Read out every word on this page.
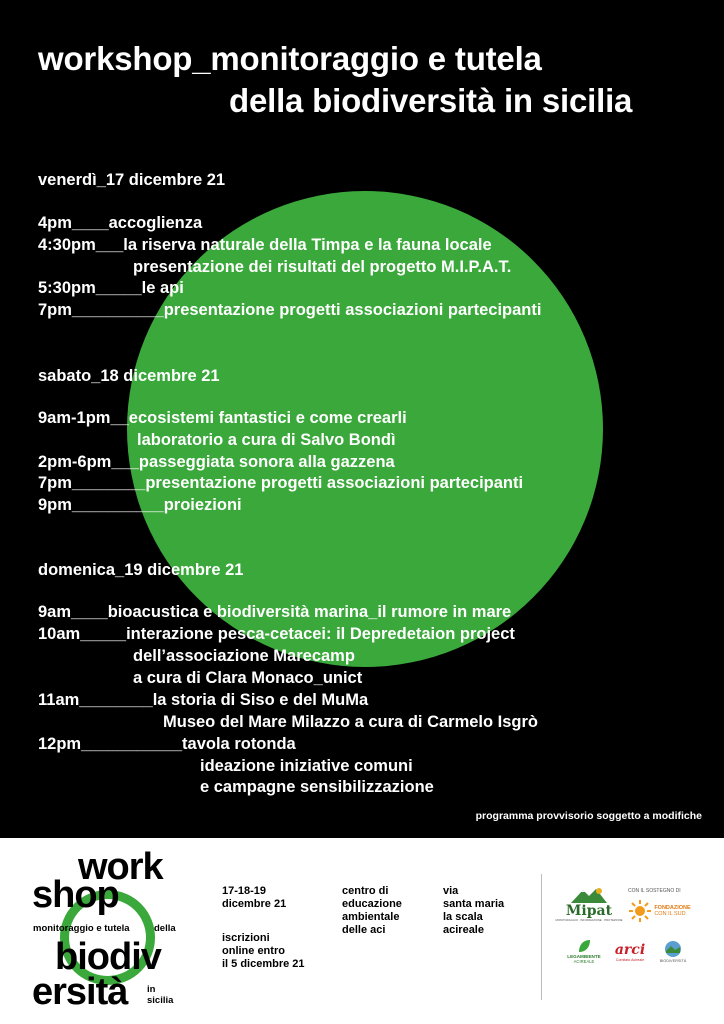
workshop_monitoraggio e tutela
della biodiversità in sicilia
venerdì_17 dicembre 21
4pm____accoglienza
4:30pm___la riserva naturale della Timpa e la fauna locale
presentazione dei risultati del progetto M.I.P.A.T.
5:30pm_____le api
7pm__________presentazione progetti associazioni partecipanti
sabato_18 dicembre 21
9am-1pm__ecosistemi fantastici e come crearli
laboratorio a cura di Salvo Bondì
2pm-6pm___passeggiata sonora alla gazzena
7pm________presentazione progetti associazioni partecipanti
9pm__________proiezioni
domenica_19 dicembre 21
9am____bioacustica e biodiversità marina_il rumore in mare
10am_____interazione pesca-cetacei: il Depredetaion project
dell’associazione Marecamp
a cura di Clara Monaco_unict
11am________la storia di Siso e del MuMa
Museo del Mare Milazzo a cura di Carmelo Isgrò
12pm___________tavola rotonda
ideazione iniziative comuni
e campagne sensibilizzazione
programma provvisorio soggetto a modifiche
work
shop
monitoraggio e tutela	della
biodiv
ersità in
sicilia
17-18-19
dicembre 21
iscrizioni
online entro
il 5 dicembre 21
centro di
educazione
ambientale
delle aci
via
santa maria
la scala
acireale
Mipat
MONITORAGGIO · INFORMAZIONE · PROTEZIONE
CON IL SOSTEGNO DI
FONDAZIONE
CON IL SUD
LEGAMBIENTE
ACIREALE
arci
Comitato Acireale	BIODIVERSITÀ
